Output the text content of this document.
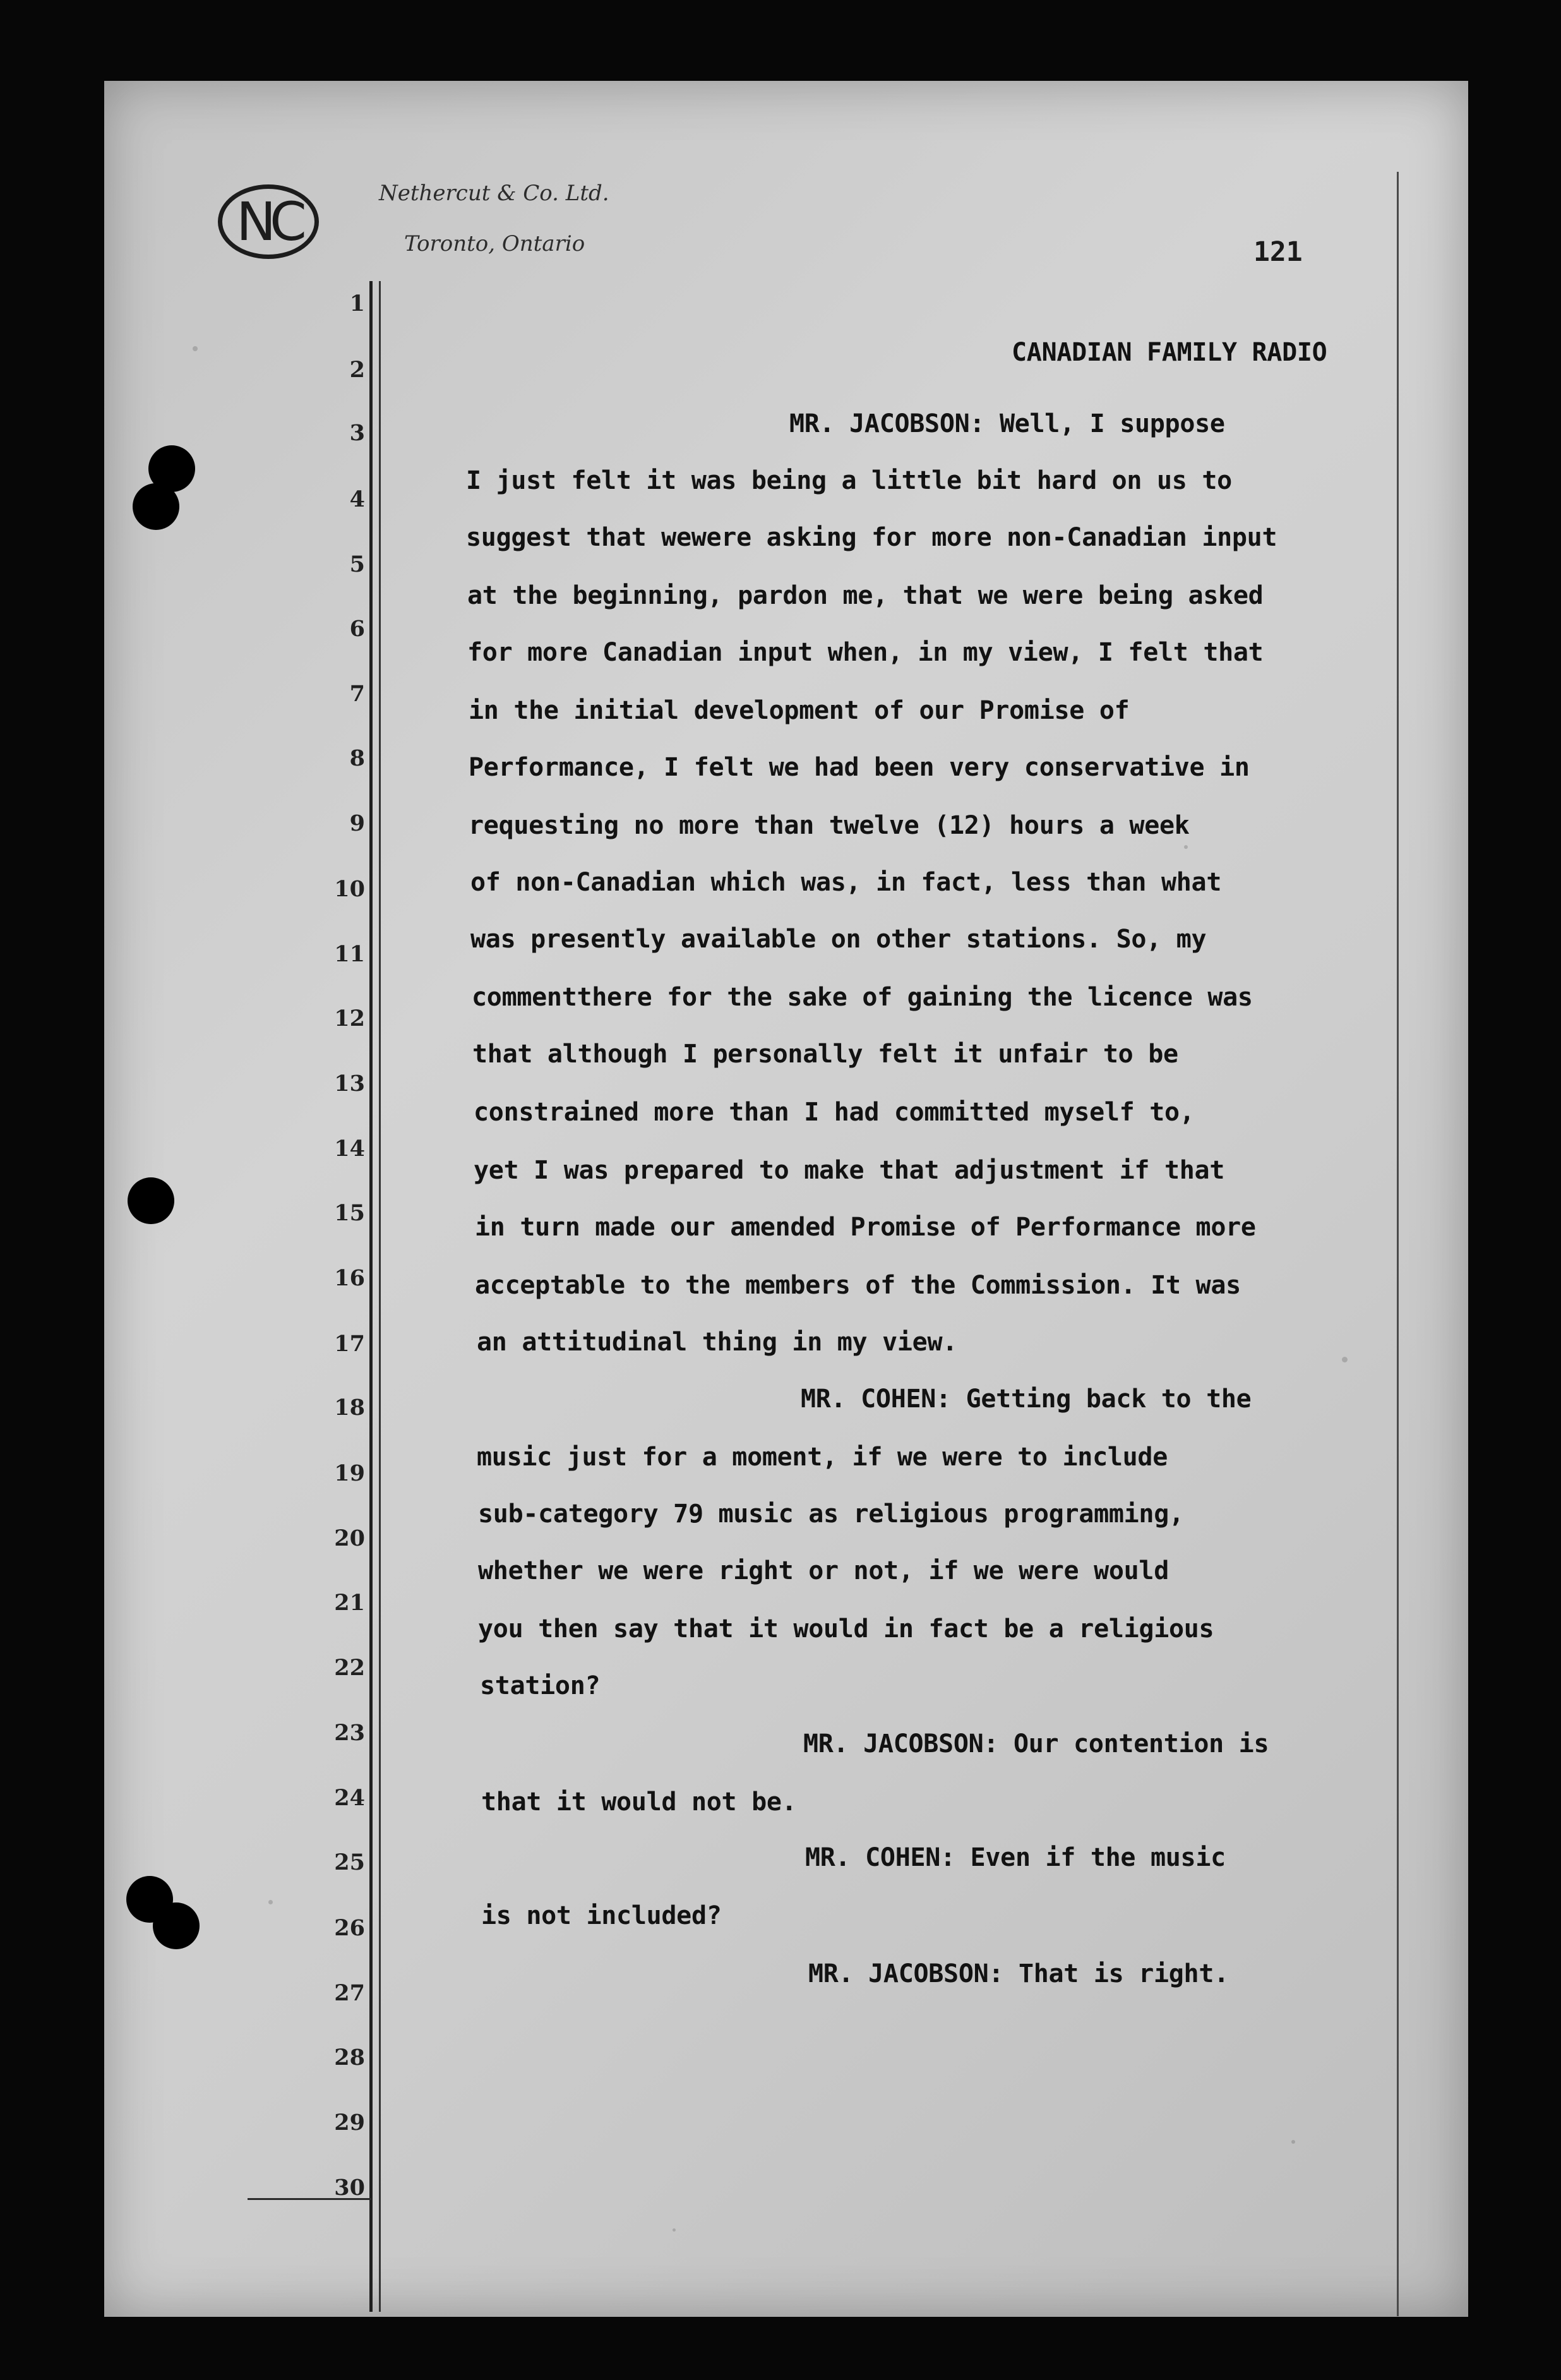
NC	Nethercut & Co. Ltd.
Toronto, Ontario	121
1
2
3
4
5
6
7
8
9
10
11
12
13
14
15
16
17
18
19
20
21
22
23
24
25
26
27
28
29
30
CANADIAN FAMILY RADIO
MR. JACOBSON: Well, I suppose
I just felt it was being a little bit hard on us to
suggest that wewere asking for more non-Canadian input
at the beginning, pardon me, that we were being asked
for more Canadian input when, in my view, I felt that
in the initial development of our Promise of
Performance, I felt we had been very conservative in
requesting no more than twelve (12) hours a week
of non-Canadian which was, in fact, less than what
was presently available on other stations. So, my
commentthere for the sake of gaining the licence was
that although I personally felt it unfair to be
constrained more than I had committed myself to,
yet I was prepared to make that adjustment if that
in turn made our amended Promise of Performance more
acceptable to the members of the Commission. It was
an attitudinal thing in my view.
MR. COHEN: Getting back to the
music just for a moment, if we were to include
sub-category 79 music as religious programming,
whether we were right or not, if we were would
you then say that it would in fact be a religious
station?
MR. JACOBSON: Our contention is
that it would not be.
MR. COHEN: Even if the music
is not included?
MR. JACOBSON: That is right.
